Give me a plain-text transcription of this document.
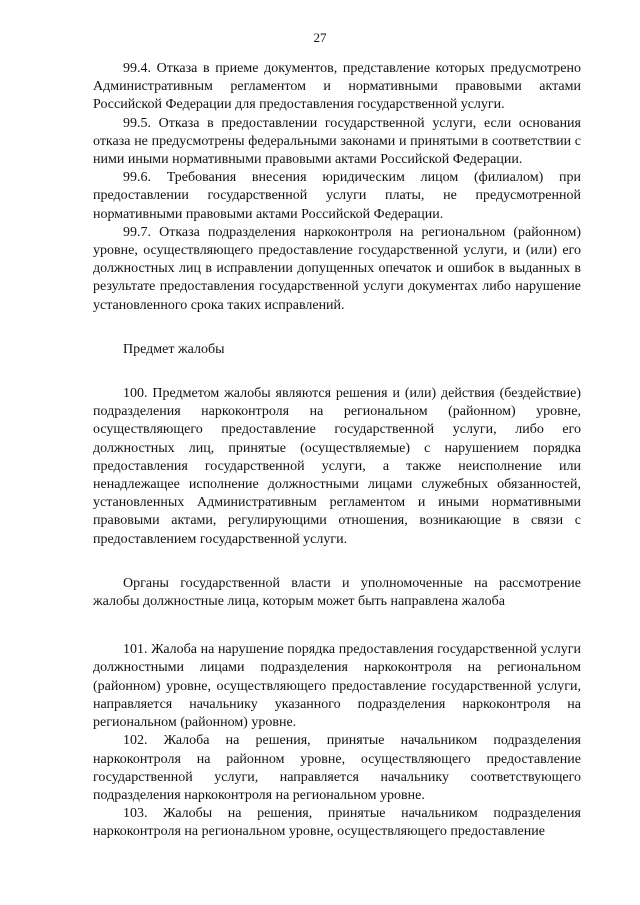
27

99.4. Отказа в приеме документов, представление которых предусмотрено Административным регламентом и нормативными правовыми актами Российской Федерации для предоставления государственной услуги.

99.5. Отказа в предоставлении государственной услуги, если основания отказа не предусмотрены федеральными законами и принятыми в соответствии с ними иными нормативными правовыми актами Российской Федерации.

99.6. Требования внесения юридическим лицом (филиалом) при предоставлении государственной услуги платы, не предусмотренной нормативными правовыми актами Российской Федерации.

99.7. Отказа подразделения наркоконтроля на региональном (районном) уровне, осуществляющего предоставление государственной услуги, и (или) его должностных лиц в исправлении допущенных опечаток и ошибок в выданных в результате предоставления государственной услуги документах либо нарушение установленного срока таких исправлений.

Предмет жалобы

100. Предметом жалобы являются решения и (или) действия (бездействие) подразделения наркоконтроля на региональном (районном) уровне, осуществляющего предоставление государственной услуги, либо его должностных лиц, принятые (осуществляемые) с нарушением порядка предоставления государственной услуги, а также неисполнение или ненадлежащее исполнение должностными лицами служебных обязанностей, установленных Административным регламентом и иными нормативными правовыми актами, регулирующими отношения, возникающие в связи с предоставлением государственной услуги.

Органы государственной власти и уполномоченные на рассмотрение жалобы должностные лица, которым может быть направлена жалоба

101. Жалоба на нарушение порядка предоставления государственной услуги должностными лицами подразделения наркоконтроля на региональном (районном) уровне, осуществляющего предоставление государственной услуги, направляется начальнику указанного подразделения наркоконтроля на региональном (районном) уровне.

102. Жалоба на решения, принятые начальником подразделения наркоконтроля на районном уровне, осуществляющего предоставление государственной услуги, направляется начальнику соответствующего подразделения наркоконтроля на региональном уровне.

103. Жалобы на решения, принятые начальником подразделения наркоконтроля на региональном уровне, осуществляющего предоставление
